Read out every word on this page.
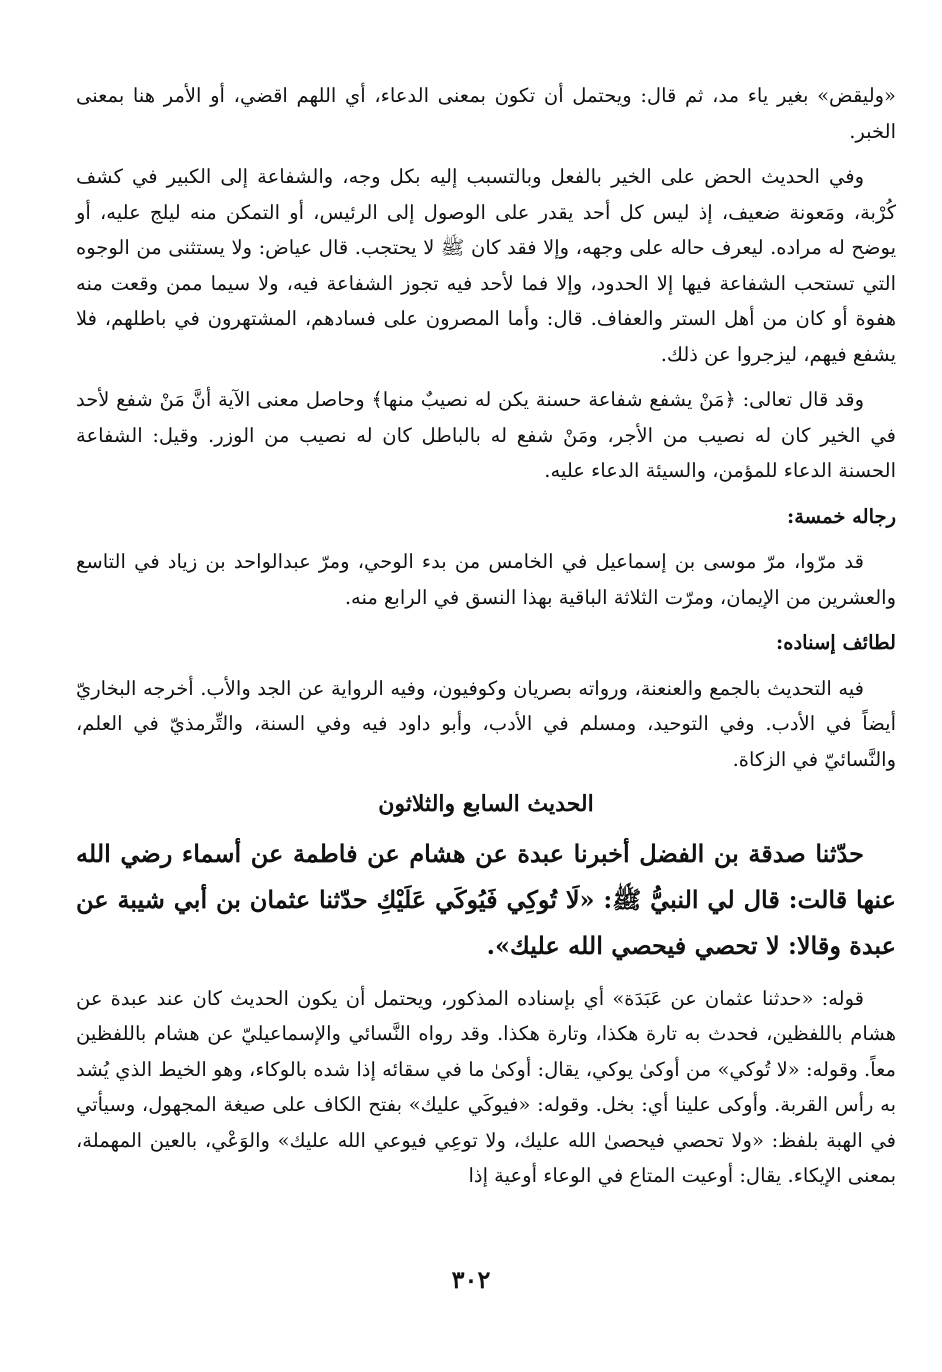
«وليقض» بغير ياء مد، ثم قال: ويحتمل أن تكون بمعنى الدعاء، أي اللهم اقضي، أو الأمر هنا بمعنى الخبر.

وفي الحديث الحض على الخير بالفعل وبالتسبب إليه بكل وجه، والشفاعة إلى الكبير في كشف كُرْبة، ومَعونة ضعيف، إذ ليس كل أحد يقدر على الوصول إلى الرئيس، أو التمكن منه ليلج عليه، أو يوضح له مراده. ليعرف حاله على وجهه، وإلا فقد كان ﷺ لا يحتجب. قال عياض: ولا يستثنى من الوجوه التي تستحب الشفاعة فيها إلا الحدود، وإلا فما لأحد فيه تجوز الشفاعة فيه، ولا سيما ممن وقعت منه هفوة أو كان من أهل الستر والعفاف. قال: وأما المصرون على فسادهم، المشتهرون في باطلهم، فلا يشفع فيهم، ليزجروا عن ذلك.

وقد قال تعالى: ﴿مَنْ يشفع شفاعة حسنة يكن له نصيبٌ منها﴾ وحاصل معنى الآية أنَّ مَنْ شفع لأحد في الخير كان له نصيب من الأجر، ومَنْ شفع له بالباطل كان له نصيب من الوزر. وقيل: الشفاعة الحسنة الدعاء للمؤمن، والسيئة الدعاء عليه.

رجاله خمسة:

قد مرّوا، مرّ موسى بن إسماعيل في الخامس من بدء الوحي، ومرّ عبدالواحد بن زياد في التاسع والعشرين من الإيمان، ومرّت الثلاثة الباقية بهذا النسق في الرابع منه.

لطائف إسناده:

فيه التحديث بالجمع والعنعنة، ورواته بصريان وكوفيون، وفيه الرواية عن الجد والأب. أخرجه البخاريّ أيضاً في الأدب. وفي التوحيد، ومسلم في الأدب، وأبو داود فيه وفي السنة، والتِّرمذيّ في العلم، والنَّسائيّ في الزكاة.

الحديث السابع والثلاثون

حدّثنا صدقة بن الفضل أخبرنا عبدة عن هشام عن فاطمة عن أسماء رضي الله عنها قالت: قال لي النبيُّ ﷺ: «لَا تُوكِي فَيُوكَي عَلَيْكِ حدّثنا عثمان بن أبي شيبة عن عبدة وقالا: لا تحصي فيحصي الله عليك».

قوله: «حدثنا عثمان عن عَبَدَة» أي بإسناده المذكور، ويحتمل أن يكون الحديث كان عند عبدة عن هشام باللفظين، فحدث به تارة هكذا، وتارة هكذا. وقد رواه النَّسائي والإسماعيليّ عن هشام باللفظين معاً. وقوله: «لا تُوكي» من أوكىٰ يوكي، يقال: أوكىٰ ما في سقائه إذا شده بالوكاء، وهو الخيط الذي يُشد به رأس القربة. وأوكى علينا أي: بخل. وقوله: «فيوكَي عليك» بفتح الكاف على صيغة المجهول، وسيأتي في الهبة بلفظ: «ولا تحصي فيحصىٰ الله عليك، ولا توعِي فيوعي الله عليك» والوَعْي، بالعين المهملة، بمعنى الإيكاء. يقال: أوعيت المتاع في الوعاء أوعية إذا

٣٠٢
